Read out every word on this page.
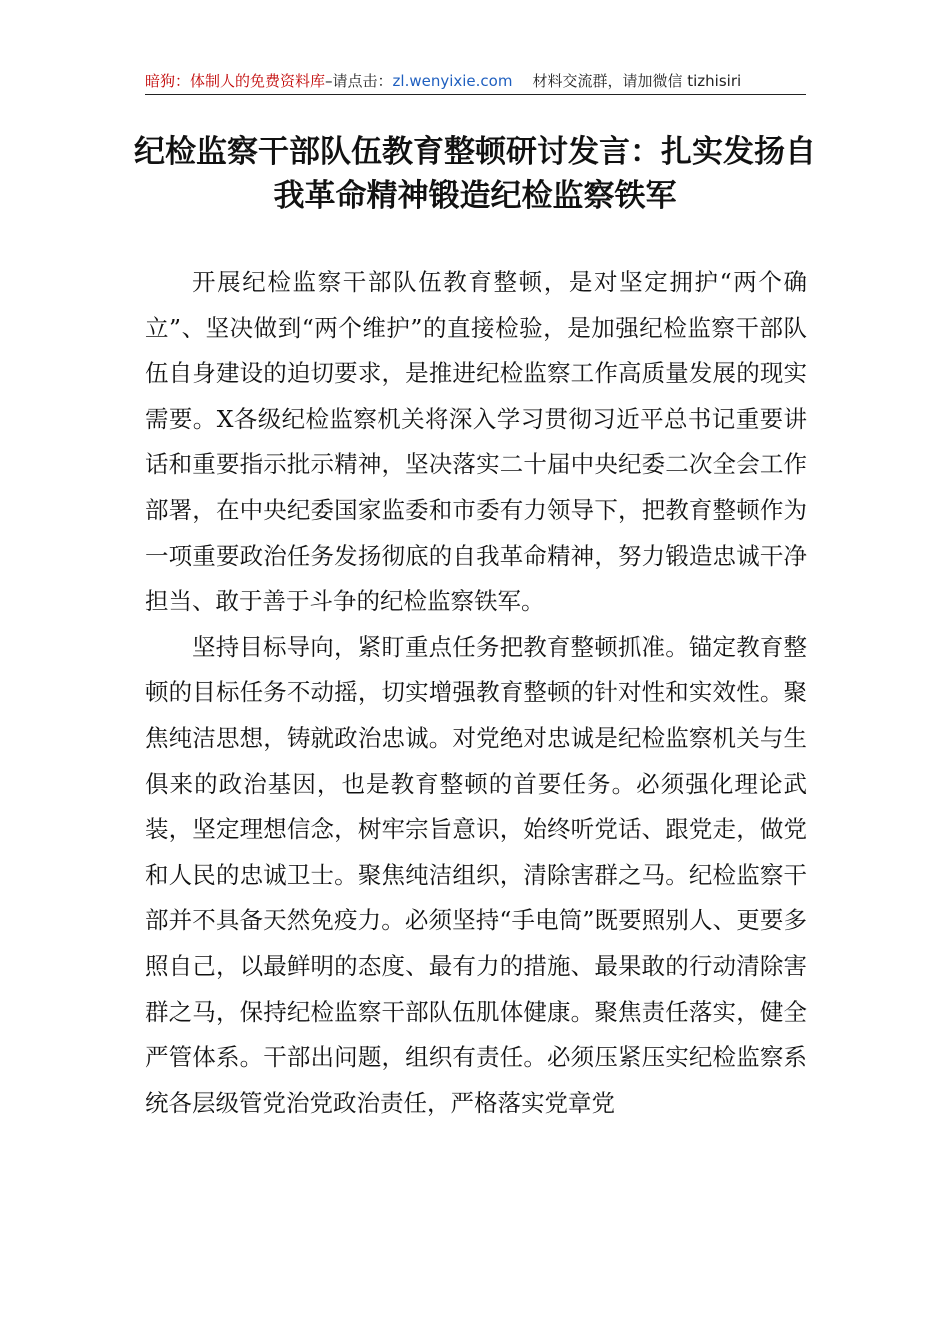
暗狗：体制人的免费资料库–请点击：zl.wenyixie.com 材料交流群，请加微信 tizhisiri
纪检监察干部队伍教育整顿研讨发言：扎实发扬自我革命精神锻造纪检监察铁军

开展纪检监察干部队伍教育整顿，是对坚定拥护“两个确立”、坚决做到“两个维护”的直接检验，是加强纪检监察干部队伍自身建设的迫切要求，是推进纪检监察工作高质量发展的现实需要。X各级纪检监察机关将深入学习贯彻习近平总书记重要讲话和重要指示批示精神，坚决落实二十届中央纪委二次全会工作部署，在中央纪委国家监委和市委有力领导下，把教育整顿作为一项重要政治任务发扬彻底的自我革命精神，努力锻造忠诚干净担当、敢于善于斗争的纪检监察铁军。

坚持目标导向，紧盯重点任务把教育整顿抓准。锚定教育整顿的目标任务不动摇，切实增强教育整顿的针对性和实效性。聚焦纯洁思想，铸就政治忠诚。对党绝对忠诚是纪检监察机关与生俱来的政治基因，也是教育整顿的首要任务。必须强化理论武装，坚定理想信念，树牢宗旨意识，始终听党话、跟党走，做党和人民的忠诚卫士。聚焦纯洁组织，清除害群之马。纪检监察干部并不具备天然免疫力。必须坚持“手电筒”既要照别人、更要多照自己，以最鲜明的态度、最有力的措施、最果敢的行动清除害群之马，保持纪检监察干部队伍肌体健康。聚焦责任落实，健全严管体系。干部出问题，组织有责任。必须压紧压实纪检监察系统各层级管党治党政治责任，严格落实党章党
